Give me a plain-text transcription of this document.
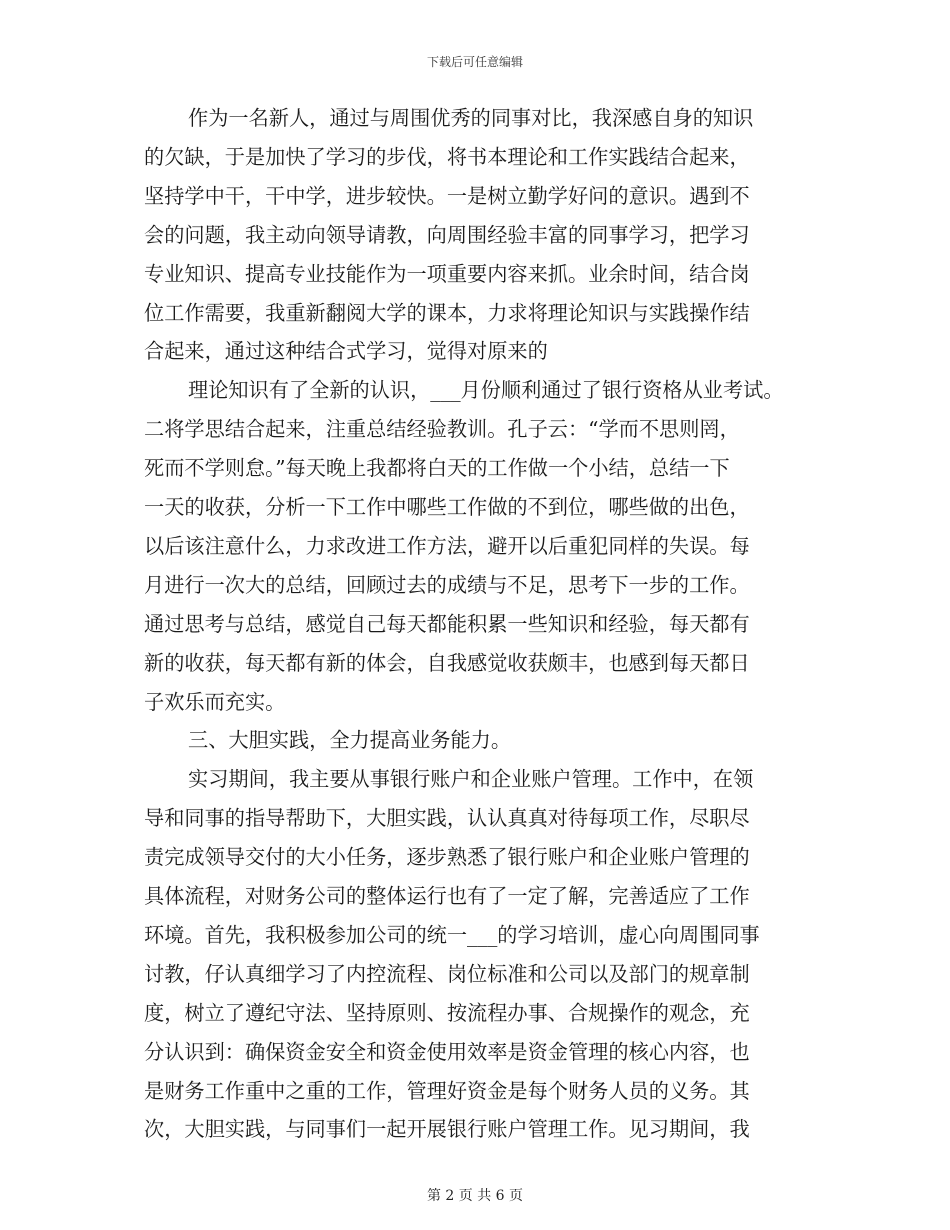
下载后可任意编辑
作为一名新人，通过与周围优秀的同事对比，我深感自身的知识
的欠缺，于是加快了学习的步伐，将书本理论和工作实践结合起来，
坚持学中干，干中学，进步较快。一是树立勤学好问的意识。遇到不
会的问题，我主动向领导请教，向周围经验丰富的同事学习，把学习
专业知识、提高专业技能作为一项重要内容来抓。业余时间，结合岗
位工作需要，我重新翻阅大学的课本，力求将理论知识与实践操作结
合起来，通过这种结合式学习，觉得对原来的
理论知识有了全新的认识，___月份顺利通过了银行资格从业考试。
二将学思结合起来，注重总结经验教训。孔子云：“学而不思则罔，
死而不学则怠。”每天晚上我都将白天的工作做一个小结，总结一下
一天的收获，分析一下工作中哪些工作做的不到位，哪些做的出色，
以后该注意什么，力求改进工作方法，避开以后重犯同样的失误。每
月进行一次大的总结，回顾过去的成绩与不足，思考下一步的工作。
通过思考与总结，感觉自己每天都能积累一些知识和经验，每天都有
新的收获，每天都有新的体会，自我感觉收获颇丰，也感到每天都日
子欢乐而充实。
三、大胆实践，全力提高业务能力。
实习期间，我主要从事银行账户和企业账户管理。工作中，在领
导和同事的指导帮助下，大胆实践，认认真真对待每项工作，尽职尽
责完成领导交付的大小任务，逐步熟悉了银行账户和企业账户管理的
具体流程，对财务公司的整体运行也有了一定了解，完善适应了工作
环境。首先，我积极参加公司的统一___的学习培训，虚心向周围同事
讨教，仔认真细学习了内控流程、岗位标准和公司以及部门的规章制
度，树立了遵纪守法、坚持原则、按流程办事、合规操作的观念，充
分认识到：确保资金安全和资金使用效率是资金管理的核心内容，也
是财务工作重中之重的工作，管理好资金是每个财务人员的义务。其
次，大胆实践，与同事们一起开展银行账户管理工作。见习期间，我
第 2 页 共 6 页
